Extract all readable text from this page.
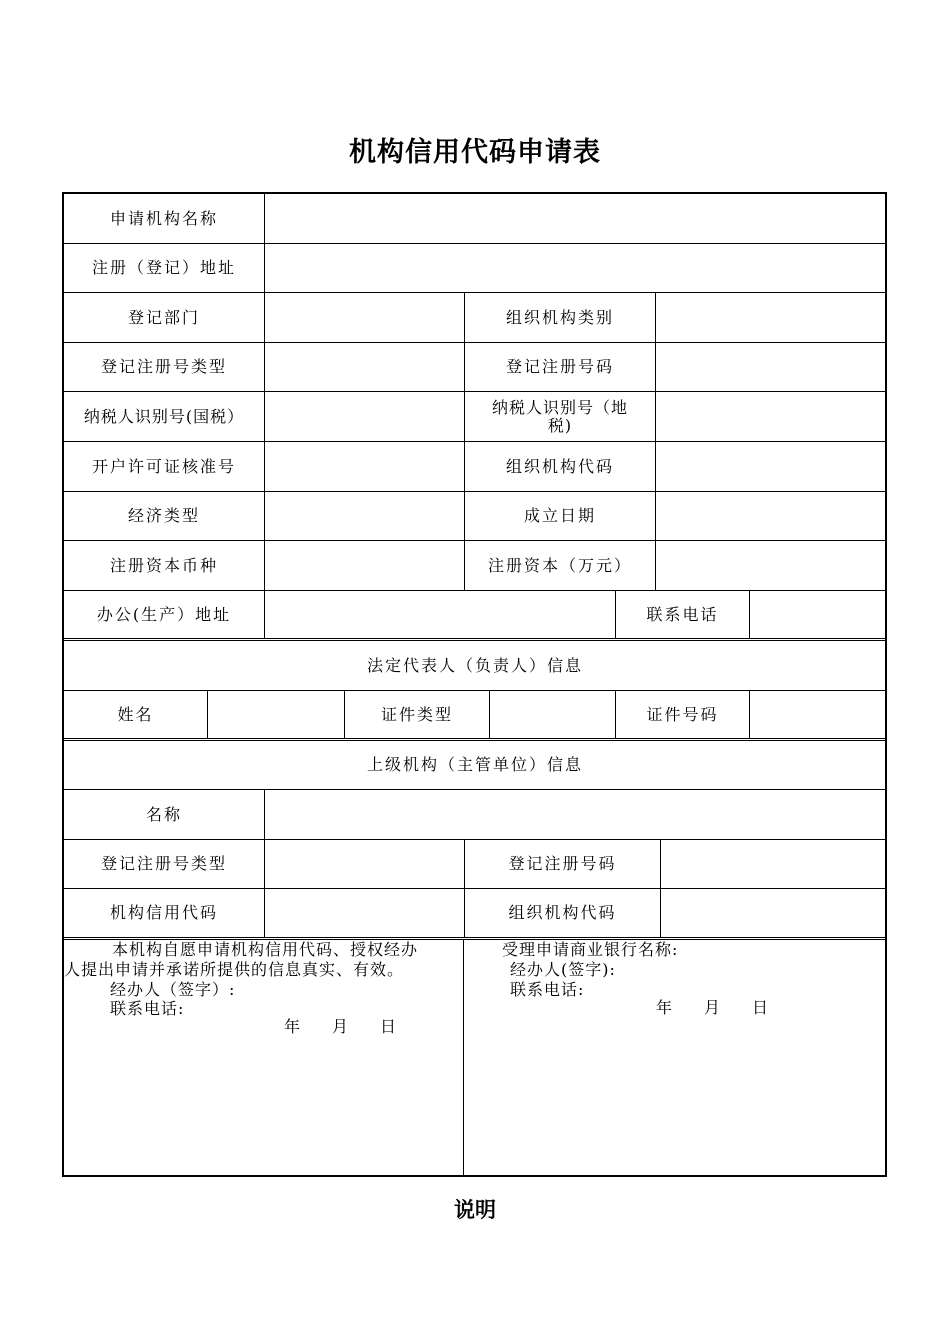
机构信用代码申请表
申请机构名称
注册（登记）地址
登记部门	组织机构类别
登记注册号类型	登记注册号码
纳税人识别号(国税）	纳税人识别号（地税)
开户许可证核准号	组织机构代码
经济类型	成立日期
注册资本币种	注册资本（万元）
办公(生产）地址	联系电话
法定代表人（负责人）信息
姓名	证件类型	证件号码
上级机构（主管单位）信息
名称
登记注册号类型	登记注册号码
机构信用代码	组织机构代码
本机构自愿申请机构信用代码、授权经办
人提出申请并承诺所提供的信息真实、有效。
经办人（签字）:
联系电话:
年 月 日
受理申请商业银行名称:
经办人(签字):
联系电话:
年 月 日
说明
